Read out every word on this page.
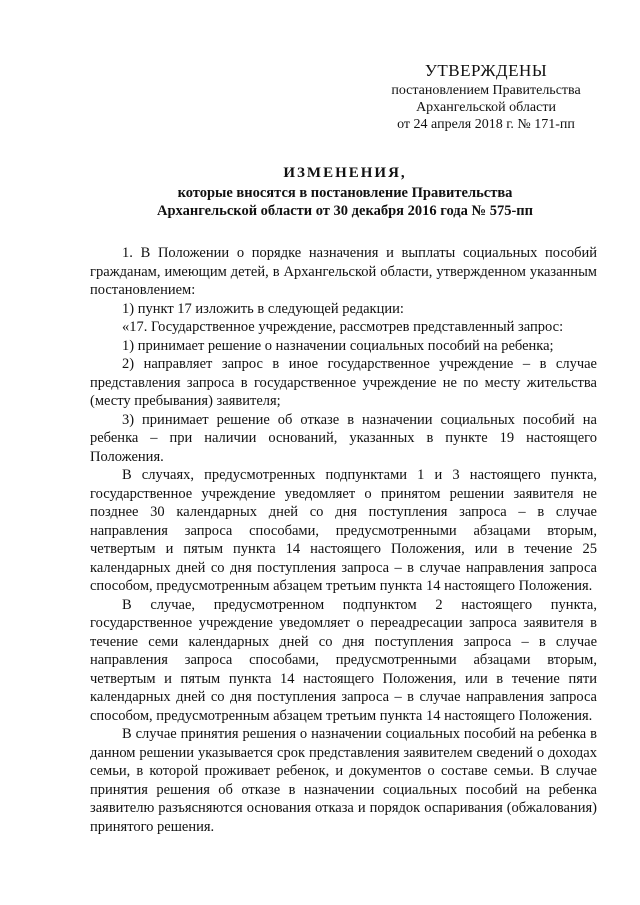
УТВЕРЖДЕНЫ
постановлением Правительства
Архангельской области
от 24 апреля 2018 г. № 171-пп
ИЗМЕНЕНИЯ,
которые вносятся в постановление Правительства
Архангельской области от 30 декабря 2016 года № 575-пп

1. В Положении о порядке назначения и выплаты социальных пособий гражданам, имеющим детей, в Архангельской области, утвержденном указанным постановлением:

1) пункт 17 изложить в следующей редакции:

«17. Государственное учреждение, рассмотрев представленный запрос:

1) принимает решение о назначении социальных пособий на ребенка;

2) направляет запрос в иное государственное учреждение – в случае представления запроса в государственное учреждение не по месту жительства (месту пребывания) заявителя;

3) принимает решение об отказе в назначении социальных пособий на ребенка – при наличии оснований, указанных в пункте 19 настоящего Положения.

В случаях, предусмотренных подпунктами 1 и 3 настоящего пункта, государственное учреждение уведомляет о принятом решении заявителя не позднее 30 календарных дней со дня поступления запроса – в случае направления запроса способами, предусмотренными абзацами вторым, четвертым и пятым пункта 14 настоящего Положения, или в течение 25 календарных дней со дня поступления запроса – в случае направления запроса способом, предусмотренным абзацем третьим пункта 14 настоящего Положения.

В случае, предусмотренном подпунктом 2 настоящего пункта, государственное учреждение уведомляет о переадресации запроса заявителя в течение семи календарных дней со дня поступления запроса – в случае направления запроса способами, предусмотренными абзацами вторым, четвертым и пятым пункта 14 настоящего Положения, или в течение пяти календарных дней со дня поступления запроса – в случае направления запроса способом, предусмотренным абзацем третьим пункта 14 настоящего Положения.

В случае принятия решения о назначении социальных пособий на ребенка в данном решении указывается срок представления заявителем сведений о доходах семьи, в которой проживает ребенок, и документов о составе семьи. В случае принятия решения об отказе в назначении социальных пособий на ребенка заявителю разъясняются основания отказа и порядок оспаривания (обжалования) принятого решения.
